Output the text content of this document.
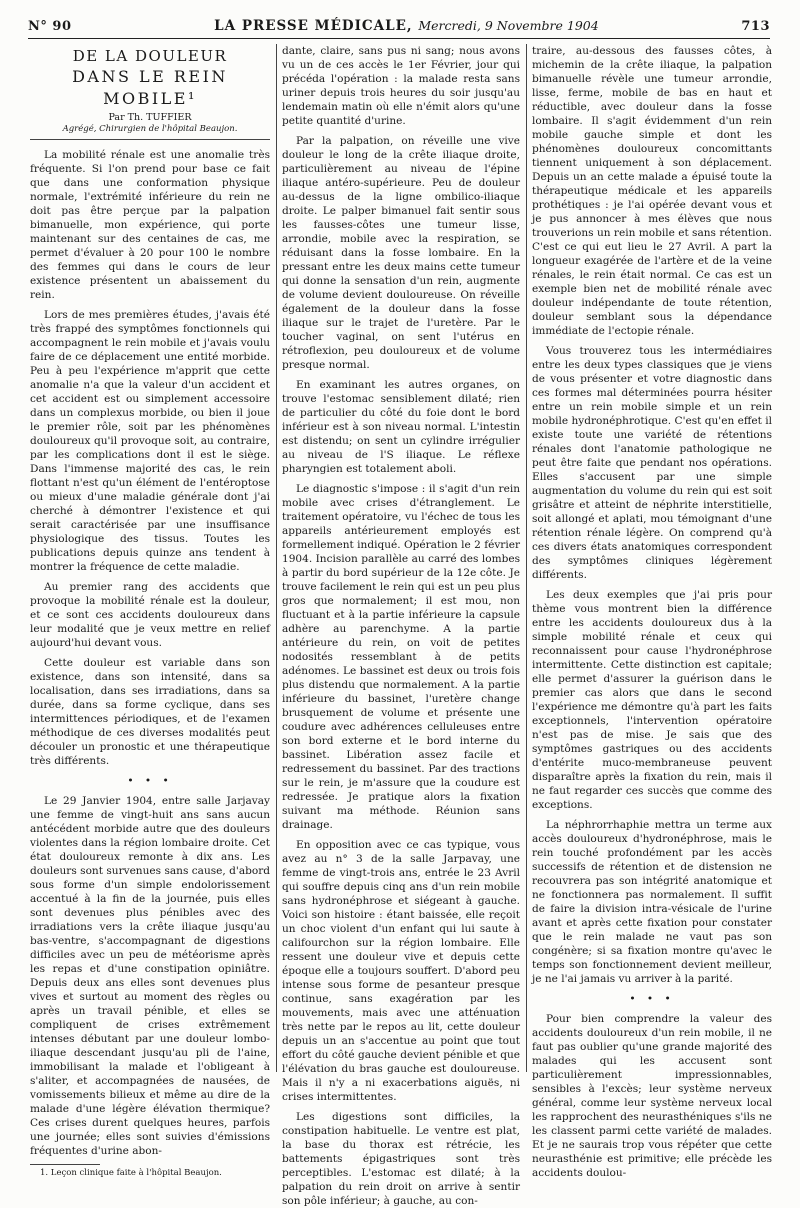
N° 90	LA PRESSE MÉDICALE, Mercredi, 9 Novembre 1904	713

DE LA DOULEUR

DANS LE REIN MOBILE¹

Par Th. TUFFIER

Agrégé, Chirurgien de l'hôpital Beaujon.

La mobilité rénale est une anomalie très fréquente. Si l'on prend pour base ce fait que dans une conformation physique normale, l'extrémité inférieure du rein ne doit pas être perçue par la palpation bimanuelle, mon expérience, qui porte maintenant sur des centaines de cas, me permet d'évaluer à 20 pour 100 le nombre des femmes qui dans le cours de leur existence présentent un abaissement du rein.

Lors de mes premières études, j'avais été très frappé des symptômes fonctionnels qui accompagnent le rein mobile et j'avais voulu faire de ce déplacement une entité morbide. Peu à peu l'expérience m'apprit que cette anomalie n'a que la valeur d'un accident et cet accident est ou simplement accessoire dans un complexus morbide, ou bien il joue le premier rôle, soit par les phénomènes douloureux qu'il provoque soit, au contraire, par les complications dont il est le siège. Dans l'immense majorité des cas, le rein flottant n'est qu'un élément de l'entéroptose ou mieux d'une maladie générale dont j'ai cherché à démontrer l'existence et qui serait caractérisée par une insuffisance physiologique des tissus. Toutes les publications depuis quinze ans tendent à montrer la fréquence de cette maladie.

Au premier rang des accidents que provoque la mobilité rénale est la douleur, et ce sont ces accidents douloureux dans leur modalité que je veux mettre en relief aujourd'hui devant vous.

Cette douleur est variable dans son existence, dans son intensité, dans sa localisation, dans ses irradiations, dans sa durée, dans sa forme cyclique, dans ses intermittences périodiques, et de l'examen méthodique de ces diverses modalités peut découler un pronostic et une thérapeutique très différents.

• • •

Le 29 Janvier 1904, entre salle Jarjavay une femme de vingt-huit ans sans aucun antécédent morbide autre que des douleurs violentes dans la région lombaire droite. Cet état douloureux remonte à dix ans. Les douleurs sont survenues sans cause, d'abord sous forme d'un simple endolorissement accentué à la fin de la journée, puis elles sont devenues plus pénibles avec des irradiations vers la crête iliaque jusqu'au bas-ventre, s'accompagnant de digestions difficiles avec un peu de météorisme après les repas et d'une constipation opiniâtre. Depuis deux ans elles sont devenues plus vives et surtout au moment des règles ou après un travail pénible, et elles se compliquent de crises extrêmement intenses débutant par une douleur lombo-iliaque descendant jusqu'au pli de l'aine, immobilisant la malade et l'obligeant à s'aliter, et accompagnées de nausées, de vomissements bilieux et même au dire de la malade d'une légère élévation thermique? Ces crises durent quelques heures, parfois une journée; elles sont suivies d'émissions fréquentes d'urine abon-

1. Leçon clinique faite à l'hôpital Beaujon.

dante, claire, sans pus ni sang; nous avons vu un de ces accès le 1er Février, jour qui précéda l'opération : la malade resta sans uriner depuis trois heures du soir jusqu'au lendemain matin où elle n'émit alors qu'une petite quantité d'urine.

Par la palpation, on réveille une vive douleur le long de la crête iliaque droite, particulièrement au niveau de l'épine iliaque antéro-supérieure. Peu de douleur au-dessus de la ligne ombilico-iliaque droite. Le palper bimanuel fait sentir sous les fausses-côtes une tumeur lisse, arrondie, mobile avec la respiration, se réduisant dans la fosse lombaire. En la pressant entre les deux mains cette tumeur qui donne la sensation d'un rein, augmente de volume devient douloureuse. On réveille également de la douleur dans la fosse iliaque sur le trajet de l'uretère. Par le toucher vaginal, on sent l'utérus en rétroflexion, peu douloureux et de volume presque normal.

En examinant les autres organes, on trouve l'estomac sensiblement dilaté; rien de particulier du côté du foie dont le bord inférieur est à son niveau normal. L'intestin est distendu; on sent un cylindre irrégulier au niveau de l'S iliaque. Le réflexe pharyngien est totalement aboli.

Le diagnostic s'impose : il s'agit d'un rein mobile avec crises d'étranglement. Le traitement opératoire, vu l'échec de tous les appareils antérieurement employés est formellement indiqué. Opération le 2 février 1904. Incision parallèle au carré des lombes à partir du bord supérieur de la 12e côte. Je trouve facilement le rein qui est un peu plus gros que normalement; il est mou, non fluctuant et à la partie inférieure la capsule adhère au parenchyme. A la partie antérieure du rein, on voit de petites nodosités ressemblant à de petits adénomes. Le bassinet est deux ou trois fois plus distendu que normalement. A la partie inférieure du bassinet, l'uretère change brusquement de volume et présente une coudure avec adhérences celluleuses entre son bord externe et le bord interne du bassinet. Libération assez facile et redressement du bassinet. Par des tractions sur le rein, je m'assure que la coudure est redressée. Je pratique alors la fixation suivant ma méthode. Réunion sans drainage.

En opposition avec ce cas typique, vous avez au n° 3 de la salle Jarpavay, une femme de vingt-trois ans, entrée le 23 Avril qui souffre depuis cinq ans d'un rein mobile sans hydronéphrose et siégeant à gauche. Voici son histoire : étant baissée, elle reçoit un choc violent d'un enfant qui lui saute à califourchon sur la région lombaire. Elle ressent une douleur vive et depuis cette époque elle a toujours souffert. D'abord peu intense sous forme de pesanteur presque continue, sans exagération par les mouvements, mais avec une atténuation très nette par le repos au lit, cette douleur depuis un an s'accentue au point que tout effort du côté gauche devient pénible et que l'élévation du bras gauche est douloureuse. Mais il n'y a ni exacerbations aiguës, ni crises intermittentes.

Les digestions sont difficiles, la constipation habituelle. Le ventre est plat, la base du thorax est rétrécie, les battements épigastriques sont très perceptibles. L'estomac est dilaté; à la palpation du rein droit on arrive à sentir son pôle inférieur; à gauche, au con-

traire, au-dessous des fausses côtes, à michemin de la crête iliaque, la palpation bimanuelle révèle une tumeur arrondie, lisse, ferme, mobile de bas en haut et réductible, avec douleur dans la fosse lombaire. Il s'agit évidemment d'un rein mobile gauche simple et dont les phénomènes douloureux concomittants tiennent uniquement à son déplacement. Depuis un an cette malade a épuisé toute la thérapeutique médicale et les appareils prothétiques : je l'ai opérée devant vous et je pus annoncer à mes élèves que nous trouverions un rein mobile et sans rétention. C'est ce qui eut lieu le 27 Avril. A part la longueur exagérée de l'artère et de la veine rénales, le rein était normal. Ce cas est un exemple bien net de mobilité rénale avec douleur indépendante de toute rétention, douleur semblant sous la dépendance immédiate de l'ectopie rénale.

Vous trouverez tous les intermédiaires entre les deux types classiques que je viens de vous présenter et votre diagnostic dans ces formes mal déterminées pourra hésiter entre un rein mobile simple et un rein mobile hydronéphrotique. C'est qu'en effet il existe toute une variété de rétentions rénales dont l'anatomie pathologique ne peut être faite que pendant nos opérations. Elles s'accusent par une simple augmentation du volume du rein qui est soit grisâtre et atteint de néphrite interstitielle, soit allongé et aplati, mou témoignant d'une rétention rénale légère. On comprend qu'à ces divers états anatomiques correspondent des symptômes cliniques légèrement différents.

Les deux exemples que j'ai pris pour thème vous montrent bien la différence entre les accidents douloureux dus à la simple mobilité rénale et ceux qui reconnaissent pour cause l'hydronéphrose intermittente. Cette distinction est capitale; elle permet d'assurer la guérison dans le premier cas alors que dans le second l'expérience me démontre qu'à part les faits exceptionnels, l'intervention opératoire n'est pas de mise. Je sais que des symptômes gastriques ou des accidents d'entérite muco-membraneuse peuvent disparaître après la fixation du rein, mais il ne faut regarder ces succès que comme des exceptions.

La néphrorrhaphie mettra un terme aux accès douloureux d'hydronéphrose, mais le rein touché profondément par les accès successifs de rétention et de distension ne recouvrera pas son intégrité anatomique et ne fonctionnera pas normalement. Il suffit de faire la division intra-vésicale de l'urine avant et après cette fixation pour constater que le rein malade ne vaut pas son congénère; si sa fixation montre qu'avec le temps son fonctionnement devient meilleur, je ne l'ai jamais vu arriver à la parité.

• • •

Pour bien comprendre la valeur des accidents douloureux d'un rein mobile, il ne faut pas oublier qu'une grande majorité des malades qui les accusent sont particulièrement impressionnables, sensibles à l'excès; leur système nerveux général, comme leur système nerveux local les rapprochent des neurasthéniques s'ils ne les classent parmi cette variété de malades. Et je ne saurais trop vous répéter que cette neurasthénie est primitive; elle précède les accidents doulou-
